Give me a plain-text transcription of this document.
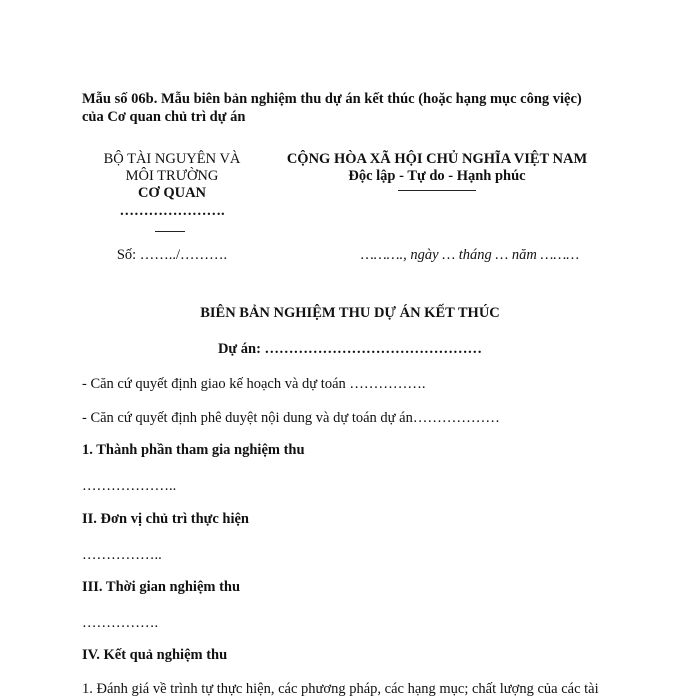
Mẫu số 06b. Mẫu biên bản nghiệm thu dự án kết thúc (hoặc hạng mục công việc)
của Cơ quan chủ trì dự án
BỘ TÀI NGUYÊN VÀ
MÔI TRƯỜNG
CƠ QUAN
………………….
Số: ……../……….
CỘNG HÒA XÃ HỘI CHỦ NGHĨA VIỆT NAM
Độc lập - Tự do - Hạnh phúc
………., ngày … tháng … năm ………
BIÊN BẢN NGHIỆM THU DỰ ÁN KẾT THÚC
Dự án: ………………………………………
- Căn cứ quyết định giao kế hoạch và dự toán …………….
- Căn cứ quyết định phê duyệt nội dung và dự toán dự án………………
1. Thành phần tham gia nghiệm thu
………………..
II. Đơn vị chủ trì thực hiện
……………..
III. Thời gian nghiệm thu
…………….
IV. Kết quả nghiệm thu
1. Đánh giá về trình tự thực hiện, các phương pháp, các hạng mục; chất lượng của các tài
